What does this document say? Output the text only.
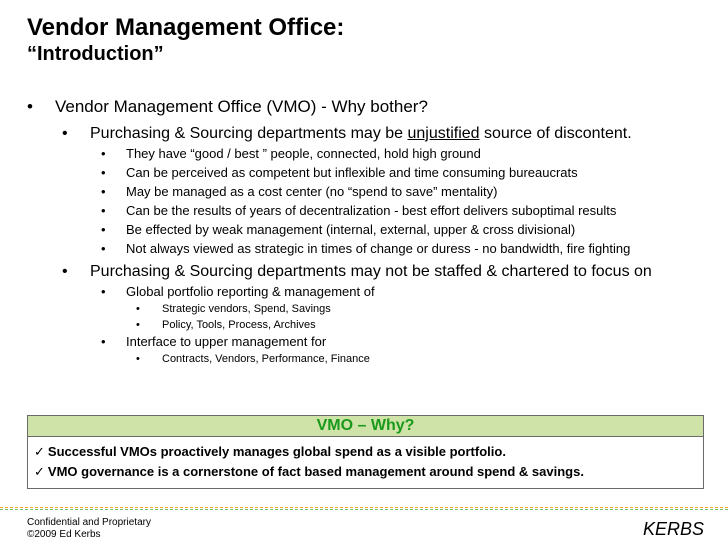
Vendor Management Office:
“Introduction”
• Vendor Management Office (VMO) - Why bother?
• Purchasing & Sourcing departments may be unjustified source of discontent.
• They have “good / best ” people, connected, hold high ground
• Can be perceived as competent but inflexible and time consuming bureaucrats
• May be managed as a cost center (no “spend to save” mentality)
• Can be the results of years of decentralization - best effort delivers suboptimal results
• Be effected by weak management (internal, external, upper & cross divisional)
• Not always viewed as strategic in times of change or duress - no bandwidth, fire fighting
• Purchasing & Sourcing departments may not be staffed & chartered to focus on
• Global portfolio reporting & management of
• Strategic vendors, Spend, Savings
• Policy, Tools, Process, Archives
• Interface to upper management for
• Contracts, Vendors, Performance, Finance
VMO – Why?
✓ Successful VMOs proactively manages global spend as a visible portfolio.
✓ VMO governance is a cornerstone of fact based management around spend & savings.
Confidential and Proprietary
©2009 Ed Kerbs	KERBS
